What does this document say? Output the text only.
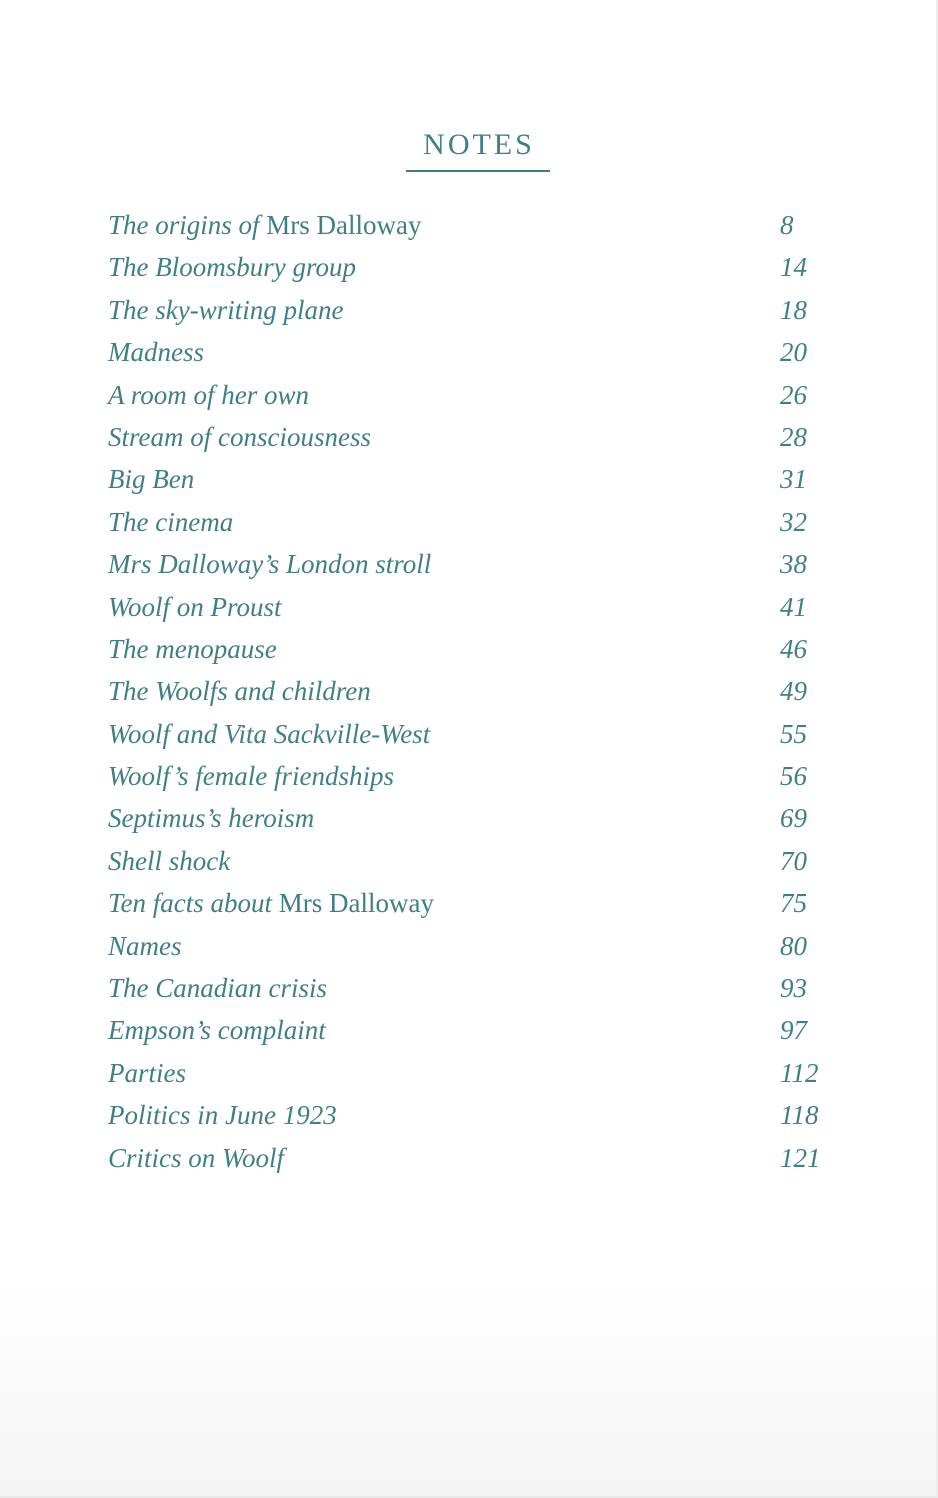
NOTES
The origins of Mrs Dalloway	8
The Bloomsbury group	14
The sky-writing plane	18
Madness	20
A room of her own	26
Stream of consciousness	28
Big Ben	31
The cinema	32
Mrs Dalloway’s London stroll	38
Woolf on Proust	41
The menopause	46
The Woolfs and children	49
Woolf and Vita Sackville-West	55
Woolf’s female friendships	56
Septimus’s heroism	69
Shell shock	70
Ten facts about Mrs Dalloway	75
Names	80
The Canadian crisis	93
Empson’s complaint	97
Parties	112
Politics in June 1923	118
Critics on Woolf	121
